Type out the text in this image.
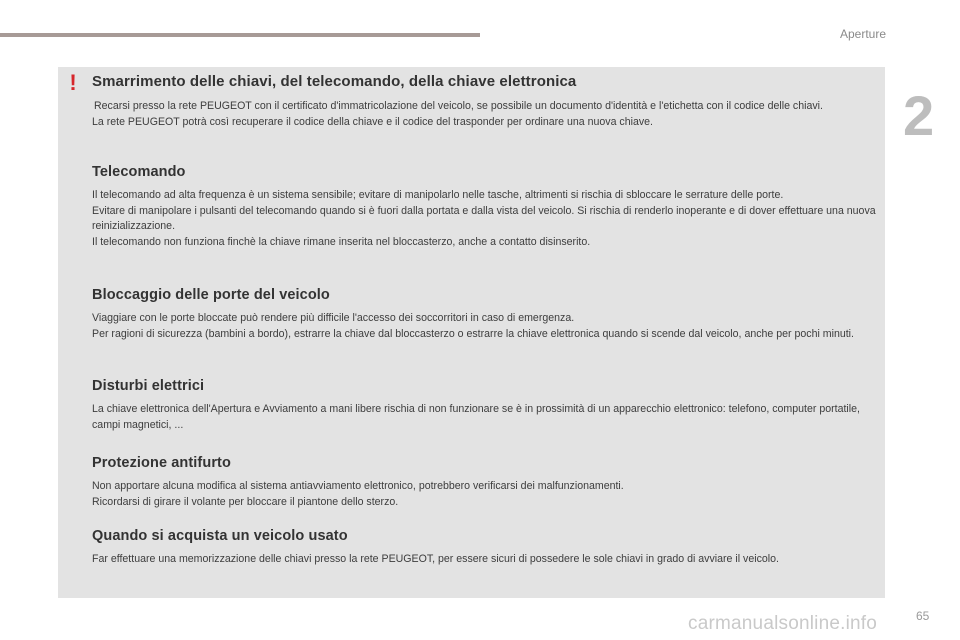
Aperture
2
! Smarrimento delle chiavi, del telecomando, della chiave elettronica

Recarsi presso la rete PEUGEOT con il certificato d'immatricolazione del veicolo, se possibile un documento d'identità e l'etichetta con il codice delle chiavi.

La rete PEUGEOT potrà così recuperare il codice della chiave e il codice del trasponder per ordinare una nuova chiave.

Telecomando

Il telecomando ad alta frequenza è un sistema sensibile; evitare di manipolarlo nelle tasche, altrimenti si rischia di sbloccare le serrature delle porte.

Evitare di manipolare i pulsanti del telecomando quando si è fuori dalla portata e dalla vista del veicolo. Si rischia di renderlo inoperante e di dover effettuare una nuova reinizializzazione.

Il telecomando non funziona finchè la chiave rimane inserita nel bloccasterzo, anche a contatto disinserito.

Bloccaggio delle porte del veicolo

Viaggiare con le porte bloccate può rendere più difficile l'accesso dei soccorritori in caso di emergenza.

Per ragioni di sicurezza (bambini a bordo), estrarre la chiave dal bloccasterzo o estrarre la chiave elettronica quando si scende dal veicolo, anche per pochi minuti.

Disturbi elettrici

La chiave elettronica dell'Apertura e Avviamento a mani libere rischia di non funzionare se è in prossimità di un apparecchio elettronico: telefono, computer portatile, campi magnetici, ...

Protezione antifurto

Non apportare alcuna modifica al sistema antiavviamento elettronico, potrebbero verificarsi dei malfunzionamenti.

Ricordarsi di girare il volante per bloccare il piantone dello sterzo.

Quando si acquista un veicolo usato

Far effettuare una memorizzazione delle chiavi presso la rete PEUGEOT, per essere sicuri di possedere le sole chiavi in grado di avviare il veicolo.

65
carmanualsonline.info
